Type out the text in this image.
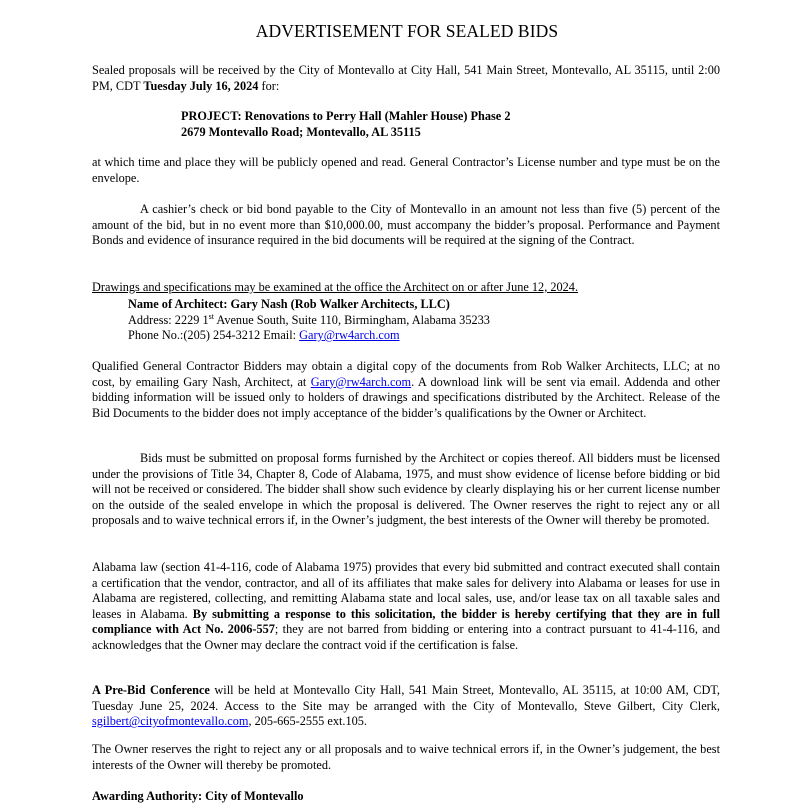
ADVERTISEMENT FOR SEALED BIDS

Sealed proposals will be received by the City of Montevallo at City Hall, 541 Main Street, Montevallo, AL 35115, until 2:00 PM, CDT Tuesday July 16, 2024 for:

PROJECT: Renovations to Perry Hall (Mahler House) Phase 2
2679 Montevallo Road; Montevallo, AL 35115

at which time and place they will be publicly opened and read. General Contractor’s License number and type must be on the envelope.

A cashier’s check or bid bond payable to the City of Montevallo in an amount not less than five (5) percent of the amount of the bid, but in no event more than $10,000.00, must accompany the bidder’s proposal. Performance and Payment Bonds and evidence of insurance required in the bid documents will be required at the signing of the Contract.

Drawings and specifications may be examined at the office the Architect on or after June 12, 2024.

Name of Architect: Gary Nash (Rob Walker Architects, LLC)
Address: 2229 1st Avenue South, Suite 110, Birmingham, Alabama 35233
Phone No.:(205) 254-3212 Email: Gary@rw4arch.com

Qualified General Contractor Bidders may obtain a digital copy of the documents from Rob Walker Architects, LLC; at no cost, by emailing Gary Nash, Architect, at Gary@rw4arch.com. A download link will be sent via email. Addenda and other bidding information will be issued only to holders of drawings and specifications distributed by the Architect. Release of the Bid Documents to the bidder does not imply acceptance of the bidder’s qualifications by the Owner or Architect.

Bids must be submitted on proposal forms furnished by the Architect or copies thereof. All bidders must be licensed under the provisions of Title 34, Chapter 8, Code of Alabama, 1975, and must show evidence of license before bidding or bid will not be received or considered. The bidder shall show such evidence by clearly displaying his or her current license number on the outside of the sealed envelope in which the proposal is delivered. The Owner reserves the right to reject any or all proposals and to waive technical errors if, in the Owner’s judgment, the best interests of the Owner will thereby be promoted.

Alabama law (section 41-4-116, code of Alabama 1975) provides that every bid submitted and contract executed shall contain a certification that the vendor, contractor, and all of its affiliates that make sales for delivery into Alabama or leases for use in Alabama are registered, collecting, and remitting Alabama state and local sales, use, and/or lease tax on all taxable sales and leases in Alabama. By submitting a response to this solicitation, the bidder is hereby certifying that they are in full compliance with Act No. 2006-557; they are not barred from bidding or entering into a contract pursuant to 41-4-116, and acknowledges that the Owner may declare the contract void if the certification is false.

A Pre-Bid Conference will be held at Montevallo City Hall, 541 Main Street, Montevallo, AL 35115, at 10:00 AM, CDT, Tuesday June 25, 2024. Access to the Site may be arranged with the City of Montevallo, Steve Gilbert, City Clerk, sgilbert@cityofmontevallo.com, 205-665-2555 ext.105.

The Owner reserves the right to reject any or all proposals and to waive technical errors if, in the Owner’s judgement, the best interests of the Owner will thereby be promoted.

Awarding Authority: City of Montevallo
